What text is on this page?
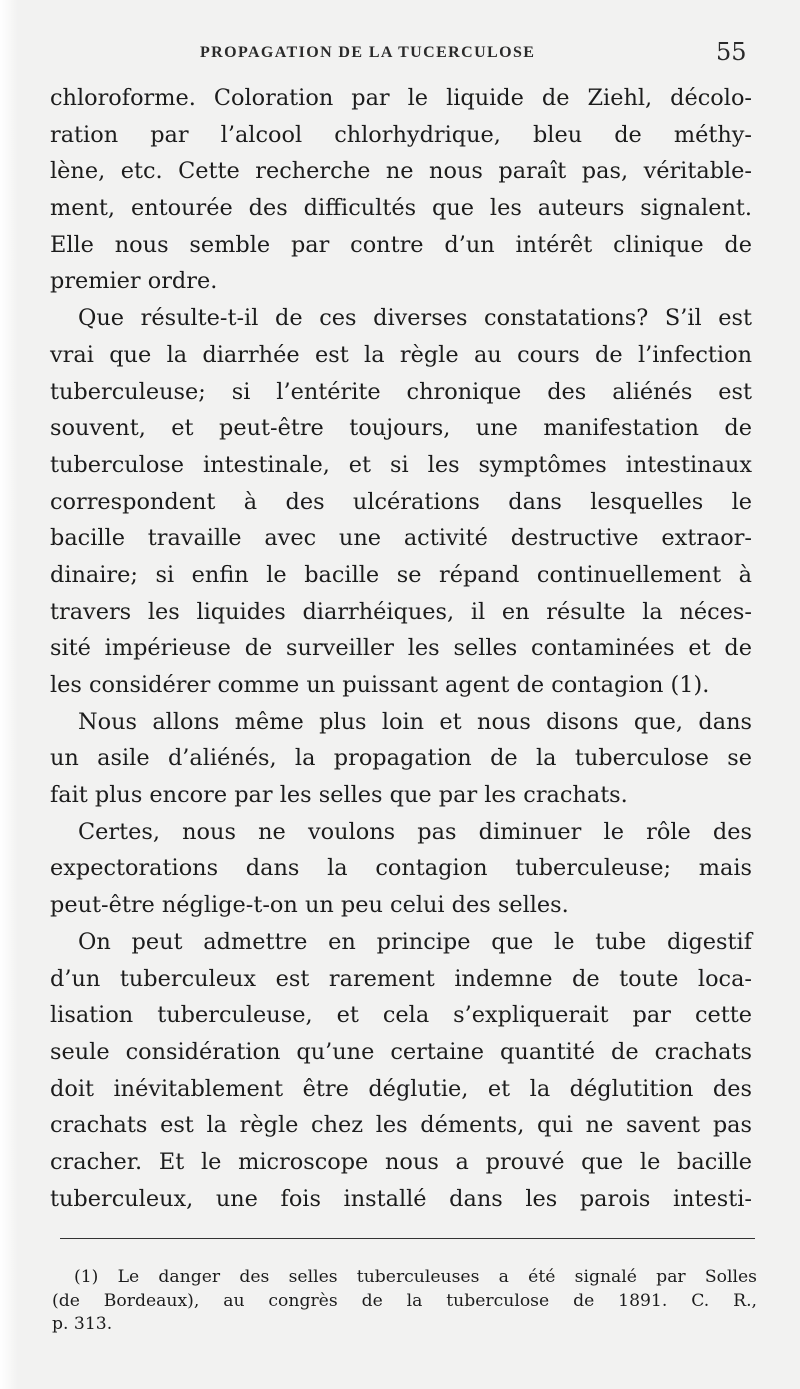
PROPAGATION DE LA TUCERCULOSE	55
chloroforme. Coloration par le liquide de Ziehl, décolo-
ration par l’alcool chlorhydrique, bleu de méthy-
lène, etc. Cette recherche ne nous paraît pas, véritable-
ment, entourée des difficultés que les auteurs signalent.
Elle nous semble par contre d’un intérêt clinique de
premier ordre.
Que résulte-t-il de ces diverses constatations? S’il est
vrai que la diarrhée est la règle au cours de l’infection
tuberculeuse; si l’entérite chronique des aliénés est
souvent, et peut-être toujours, une manifestation de
tuberculose intestinale, et si les symptômes intestinaux
correspondent à des ulcérations dans lesquelles le
bacille travaille avec une activité destructive extraor-
dinaire; si enfin le bacille se répand continuellement à
travers les liquides diarrhéiques, il en résulte la néces-
sité impérieuse de surveiller les selles contaminées et de
les considérer comme un puissant agent de contagion (1).
Nous allons même plus loin et nous disons que, dans
un asile d’aliénés, la propagation de la tuberculose se
fait plus encore par les selles que par les crachats.
Certes, nous ne voulons pas diminuer le rôle des
expectorations dans la contagion tuberculeuse; mais
peut-être néglige-t-on un peu celui des selles.
On peut admettre en principe que le tube digestif
d’un tuberculeux est rarement indemne de toute loca-
lisation tuberculeuse, et cela s’expliquerait par cette
seule considération qu’une certaine quantité de crachats
doit inévitablement être déglutie, et la déglutition des
crachats est la règle chez les déments, qui ne savent pas
cracher. Et le microscope nous a prouvé que le bacille
tuberculeux, une fois installé dans les parois intesti-
(1) Le danger des selles tuberculeuses a été signalé par Solles
(de Bordeaux), au congrès de la tuberculose de 1891. C. R.,
p. 313.
